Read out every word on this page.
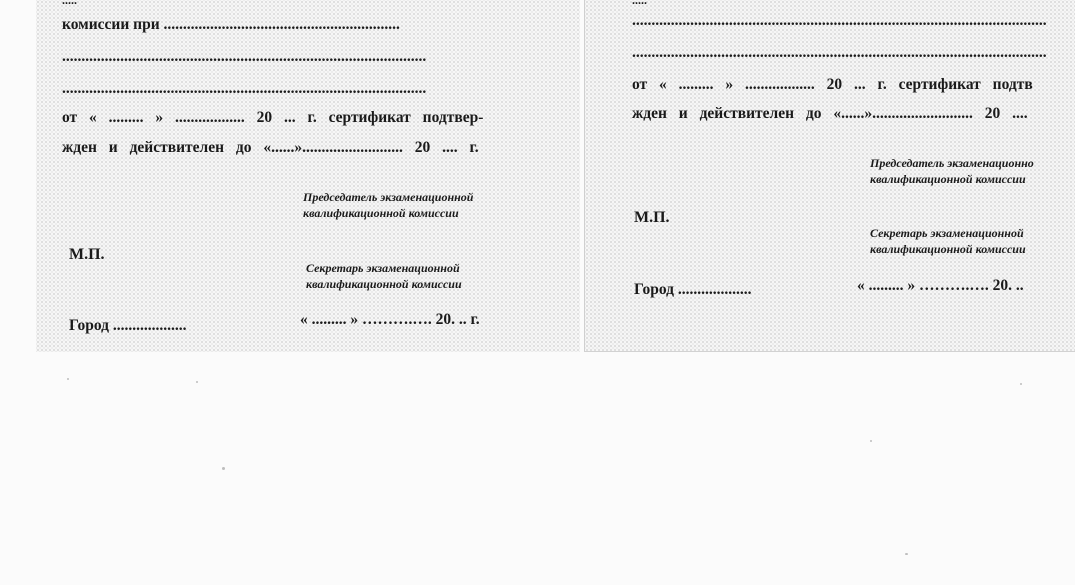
.....
комиссии при .............................................................
..............................................................................................
..............................................................................................
от « ......... » .................. 20 ... г. сертификат подтвер-
жден и действителен до «......».......................... 20 .... г.
Председатель экзаменационной
квалификационной комиссии
М.П.
Секретарь экзаменационной
квалификационной комиссии
Город ...................	« ......... » ……….…. 20. .. г.
.....
...........................................................................................................
...........................................................................................................
от « ......... » .................. 20 ... г. сертификат подтв
жден и действителен до «......».......................... 20 ....
Председатель экзаменационно
квалификационной комиссии
М.П.
Секретарь экзаменационной
квалификационной комиссии
Город ...................	« ......... » ……….…. 20. ..
